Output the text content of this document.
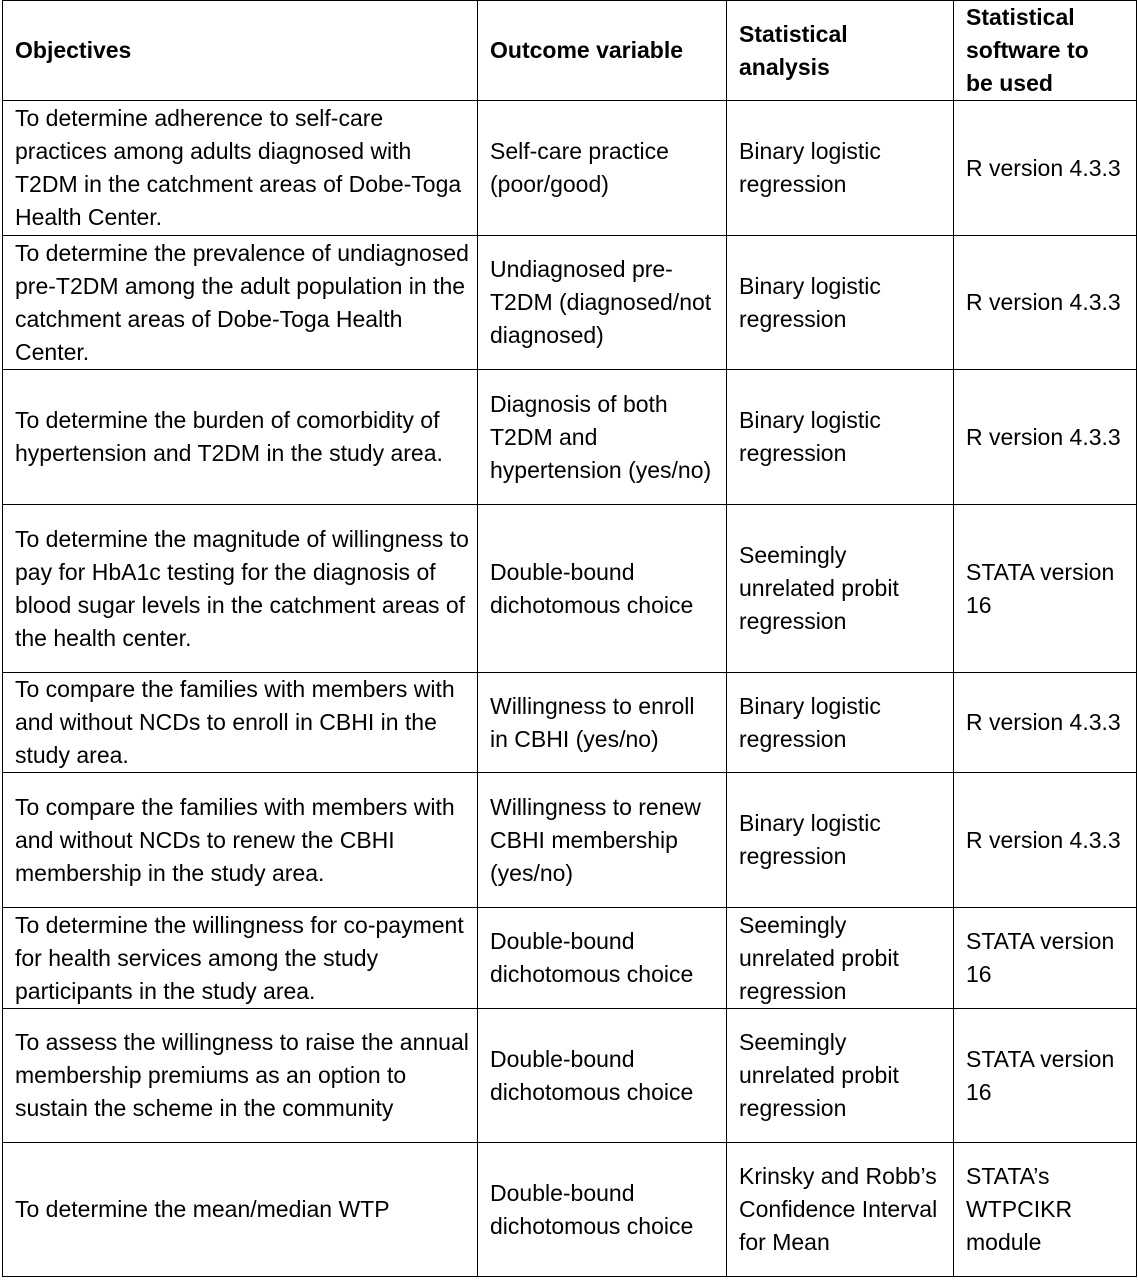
Objectives	Outcome variable	Statistical analysis	Statistical software to be used
To determine adherence to self-care practices among adults diagnosed with T2DM in the catchment areas of Dobe-Toga Health Center.	Self-care practice (poor/good)	Binary logistic regression	R version 4.3.3
To determine the prevalence of undiagnosed pre-T2DM among the adult population in the catchment areas of Dobe-Toga Health Center.	Undiagnosed pre-T2DM (diagnosed/not diagnosed)	Binary logistic regression	R version 4.3.3
To determine the burden of comorbidity of hypertension and T2DM in the study area.	Diagnosis of both T2DM and hypertension (yes/no)	Binary logistic regression	R version 4.3.3
To determine the magnitude of willingness to pay for HbA1c testing for the diagnosis of blood sugar levels in the catchment areas of the health center.	Double-bound dichotomous choice	Seemingly unrelated probit regression	STATA version 16
To compare the families with members with and without NCDs to enroll in CBHI in the study area.	Willingness to enroll in CBHI (yes/no)	Binary logistic regression	R version 4.3.3
To compare the families with members with and without NCDs to renew the CBHI membership in the study area.	Willingness to renew CBHI membership (yes/no)	Binary logistic regression	R version 4.3.3
To determine the willingness for co-payment for health services among the study participants in the study area.	Double-bound dichotomous choice	Seemingly unrelated probit regression	STATA version 16
To assess the willingness to raise the annual membership premiums as an option to sustain the scheme in the community	Double-bound dichotomous choice	Seemingly unrelated probit regression	STATA version 16
To determine the mean/median WTP	Double-bound dichotomous choice	Krinsky and Robb’s Confidence Interval for Mean	STATA’s WTPCIKR module
